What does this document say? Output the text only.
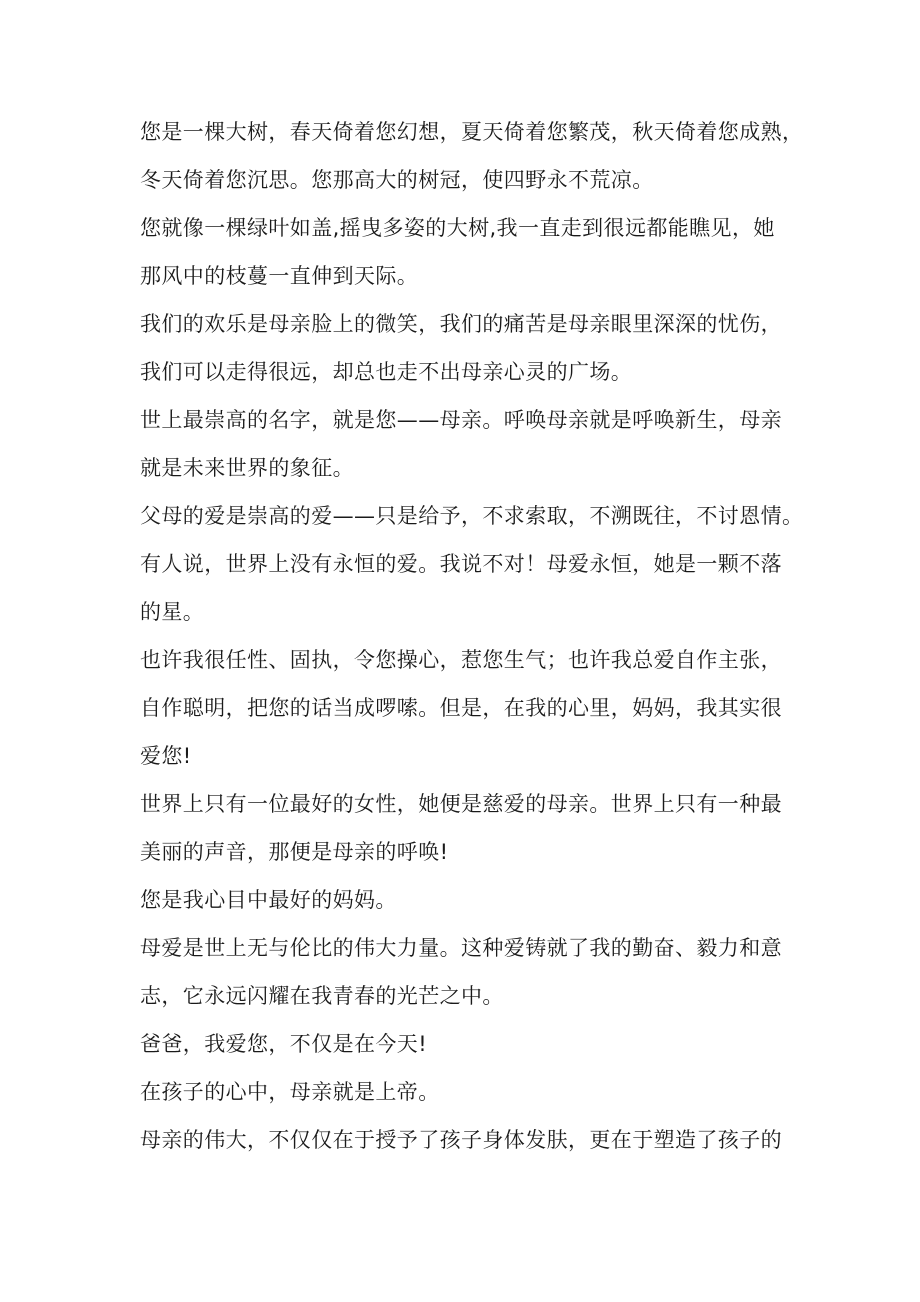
您是一棵大树，春天倚着您幻想，夏天倚着您繁茂，秋天倚着您成熟，
冬天倚着您沉思。您那高大的树冠，使四野永不荒凉。
您就像一棵绿叶如盖,摇曳多姿的大树,我一直走到很远都能瞧见，她
那风中的枝蔓一直伸到天际。
我们的欢乐是母亲脸上的微笑，我们的痛苦是母亲眼里深深的忧伤，
我们可以走得很远，却总也走不出母亲心灵的广场。
世上最崇高的名字，就是您——母亲。呼唤母亲就是呼唤新生，母亲
就是未来世界的象征。
父母的爱是崇高的爱——只是给予，不求索取，不溯既往，不讨恩情。
有人说，世界上没有永恒的爱。我说不对！母爱永恒，她是一颗不落
的星。
也许我很任性、固执，令您操心，惹您生气；也许我总爱自作主张，
自作聪明，把您的话当成啰嗦。但是，在我的心里，妈妈，我其实很
爱您!
世界上只有一位最好的女性，她便是慈爱的母亲。世界上只有一种最
美丽的声音，那便是母亲的呼唤!
您是我心目中最好的妈妈。
母爱是世上无与伦比的伟大力量。这种爱铸就了我的勤奋、毅力和意
志，它永远闪耀在我青春的光芒之中。
爸爸，我爱您，不仅是在今天!
在孩子的心中，母亲就是上帝。
母亲的伟大，不仅仅在于授予了孩子身体发肤，更在于塑造了孩子的
